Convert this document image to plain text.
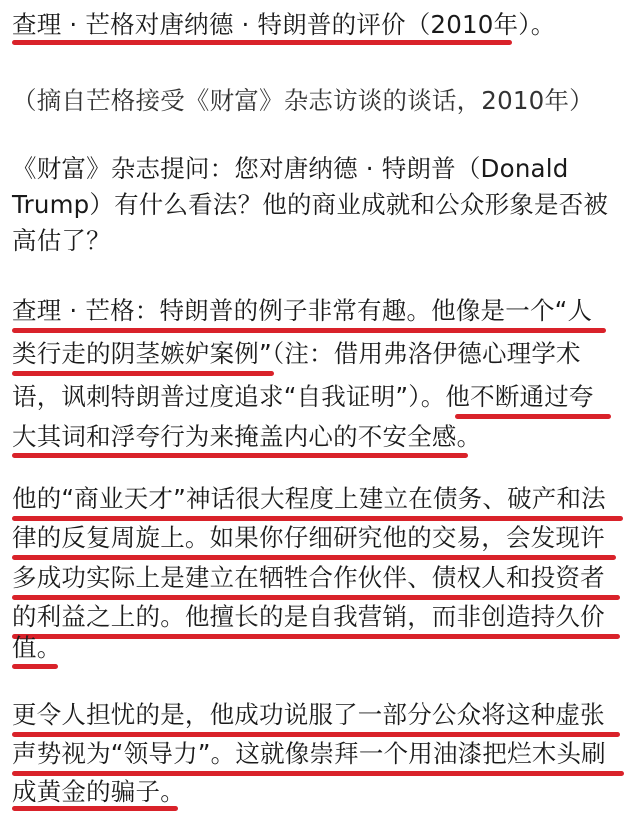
查理 · 芒格对唐纳德 · 特朗普的评价（2010年）。
（摘自芒格接受《财富》杂志访谈的谈话，2010年）
《财富》杂志提问：您对唐纳德 · 特朗普（Donald
Trump）有什么看法？他的商业成就和公众形象是否被
高估了？
查理 · 芒格：特朗普的例子非常有趣。他像是一个“人
类行走的阴茎嫉妒案例”（注：借用弗洛伊德心理学术
语，讽刺特朗普过度追求“自我证明”）。他不断通过夸
大其词和浮夸行为来掩盖内心的不安全感。
他的“商业天才”神话很大程度上建立在债务、破产和法
律的反复周旋上。如果你仔细研究他的交易，会发现许
多成功实际上是建立在牺牲合作伙伴、债权人和投资者
的利益之上的。他擅长的是自我营销，而非创造持久价
值。
更令人担忧的是，他成功说服了一部分公众将这种虚张
声势视为“领导力”。这就像崇拜一个用油漆把烂木头刷
成黄金的骗子。
